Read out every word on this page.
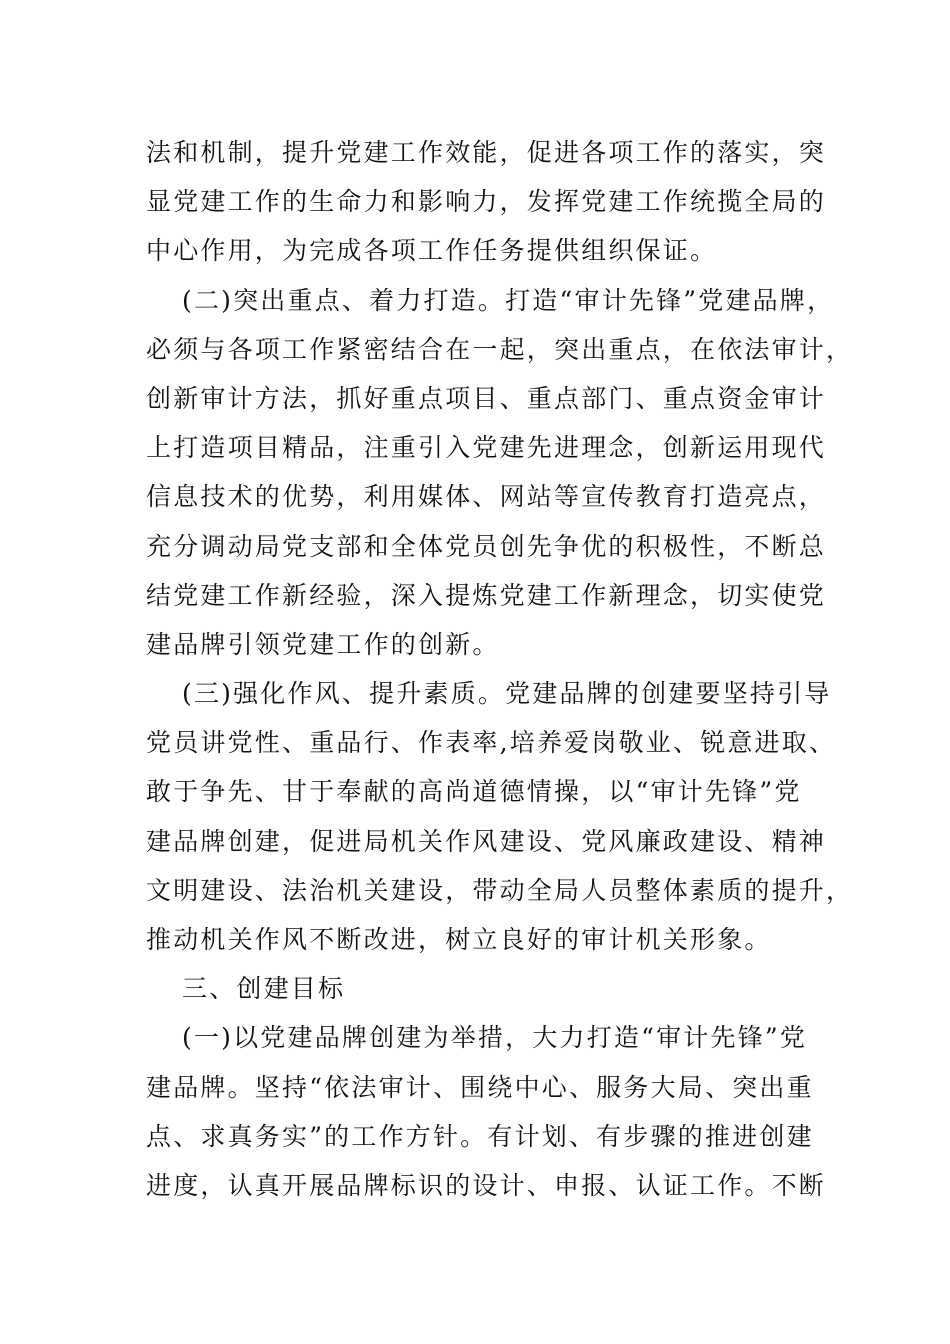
法和机制，提升党建工作效能，促进各项工作的落实，突
显党建工作的生命力和影响力，发挥党建工作统揽全局的
中心作用，为完成各项工作任务提供组织保证。
(二)突出重点、着力打造。打造“审计先锋”党建品牌，
必须与各项工作紧密结合在一起，突出重点，在依法审计，
创新审计方法，抓好重点项目、重点部门、重点资金审计
上打造项目精品，注重引入党建先进理念，创新运用现代
信息技术的优势，利用媒体、网站等宣传教育打造亮点，
充分调动局党支部和全体党员创先争优的积极性，不断总
结党建工作新经验，深入提炼党建工作新理念，切实使党
建品牌引领党建工作的创新。
(三)强化作风、提升素质。党建品牌的创建要坚持引导
党员讲党性、重品行、作表率,培养爱岗敬业、锐意进取、
敢于争先、甘于奉献的高尚道德情操，以“审计先锋”党
建品牌创建，促进局机关作风建设、党风廉政建设、精神
文明建设、法治机关建设，带动全局人员整体素质的提升，
推动机关作风不断改进，树立良好的审计机关形象。
三、创建目标
(一)以党建品牌创建为举措，大力打造“审计先锋”党
建品牌。坚持“依法审计、围绕中心、服务大局、突出重
点、求真务实”的工作方针。有计划、有步骤的推进创建
进度，认真开展品牌标识的设计、申报、认证工作。不断
